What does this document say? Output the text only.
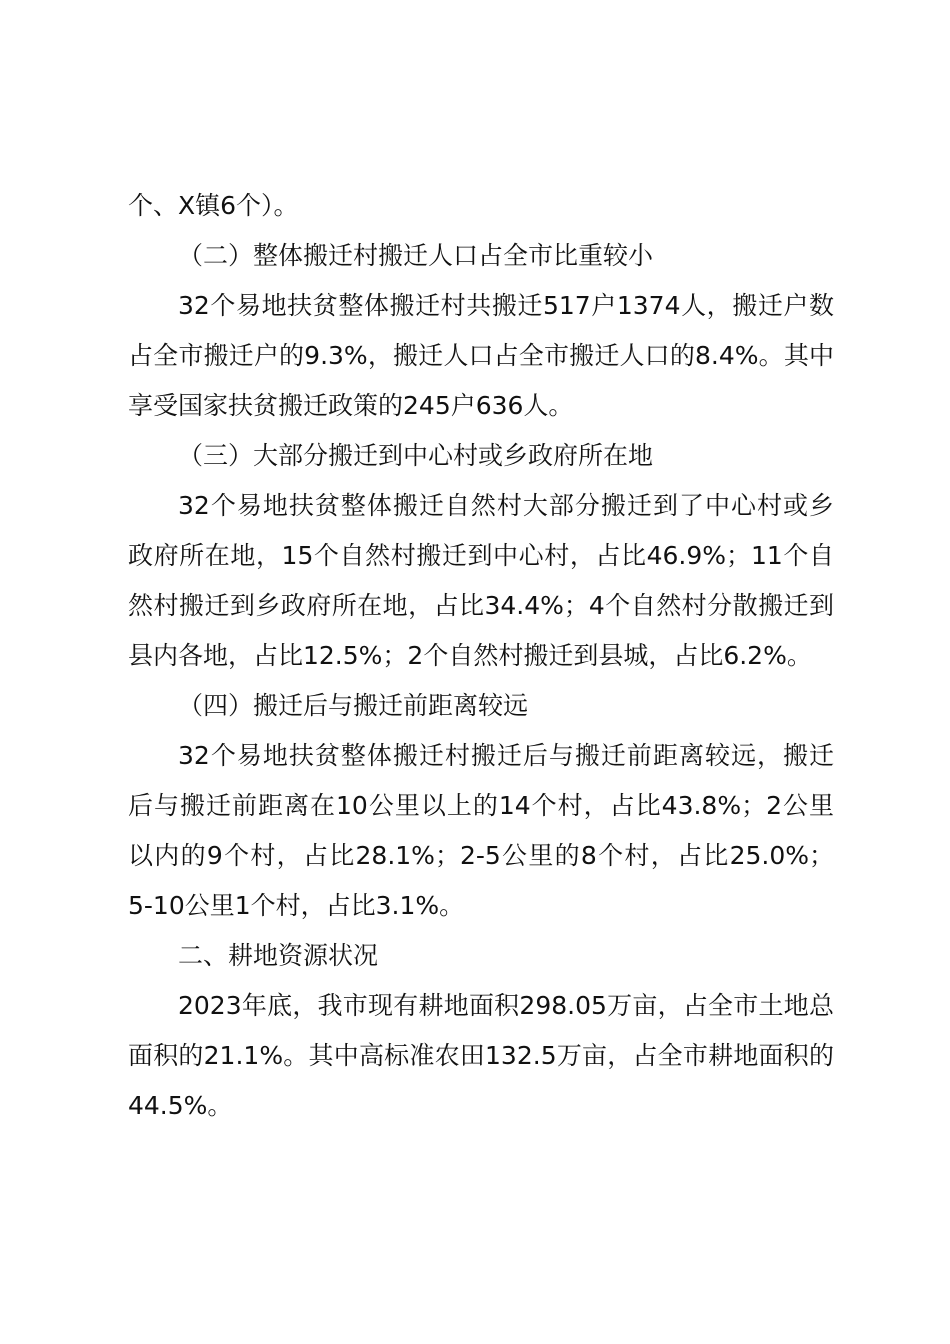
个、X镇6个）。

（二）整体搬迁村搬迁人口占全市比重较小

32个易地扶贫整体搬迁村共搬迁517户1374人，搬迁户数占全市搬迁户的9.3%，搬迁人口占全市搬迁人口的8.4%。其中享受国家扶贫搬迁政策的245户636人。

（三）大部分搬迁到中心村或乡政府所在地

32个易地扶贫整体搬迁自然村大部分搬迁到了中心村或乡政府所在地，15个自然村搬迁到中心村，占比46.9%；11个自然村搬迁到乡政府所在地，占比34.4%；4个自然村分散搬迁到县内各地，占比12.5%；2个自然村搬迁到县城，占比6.2%。

（四）搬迁后与搬迁前距离较远

32个易地扶贫整体搬迁村搬迁后与搬迁前距离较远，搬迁后与搬迁前距离在10公里以上的14个村，占比43.8%；2公里以内的9个村，占比28.1%；2-5公里的8个村，占比25.0%；5-10公里1个村，占比3.1%。

二、耕地资源状况

2023年底，我市现有耕地面积298.05万亩，占全市土地总面积的21.1%。其中高标准农田132.5万亩，占全市耕地面积的44.5%。
